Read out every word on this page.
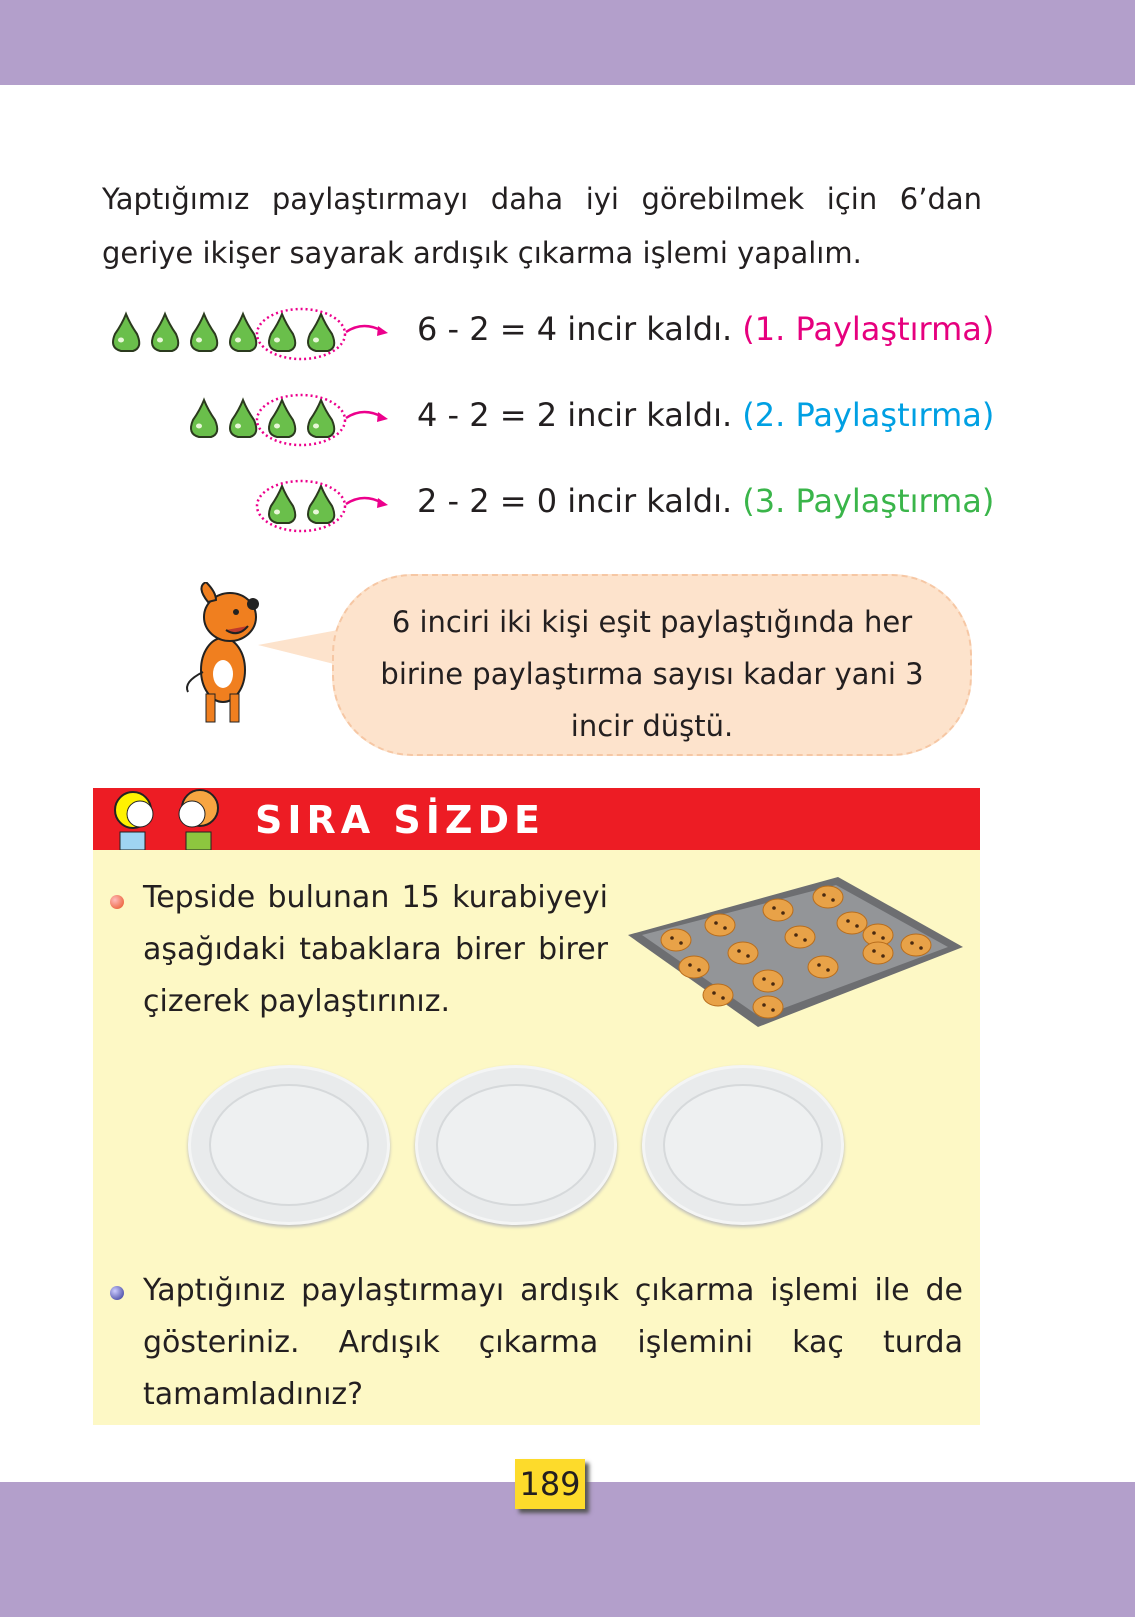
Yaptığımız paylaştırmayı daha iyi görebilmek için 6’dan geriye ikişer sayarak ardışık çıkarma işlemi yapalım.

6 - 2 = 4 incir kaldı. (1. Paylaştırma)
4 - 2 = 2 incir kaldı. (2. Paylaştırma)
2 - 2 = 0 incir kaldı. (3. Paylaştırma)
6 inciri iki kişi eşit paylaştığında her birine paylaştırma sayısı kadar yani 3 incir düştü.
Tepside bulunan 15 kurabiyeyi aşağıdaki tabaklara birer birer çizerek paylaştırınız.
Yaptığınız paylaştırmayı ardışık çıkarma işlemi ile de gösteriniz. Ardışık çıkarma işlemini kaç turda tamamladınız?
SIRA SİZDE
189
